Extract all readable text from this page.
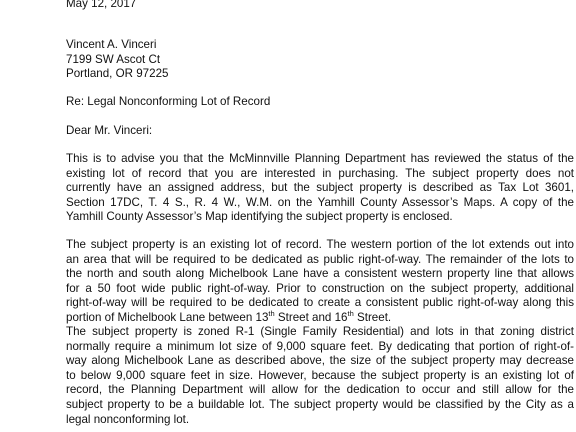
May 12, 2017
Vincent A. Vinceri
7199 SW Ascot Ct
Portland, OR 97225
Re: Legal Nonconforming Lot of Record
Dear Mr. Vinceri:
This is to advise you that the McMinnville Planning Department has reviewed the status of the
existing lot of record that you are interested in purchasing. The subject property does not
currently have an assigned address, but the subject property is described as Tax Lot 3601,
Section 17DC, T. 4 S., R. 4 W., W.M. on the Yamhill County Assessor’s Maps. A copy of the
Yamhill County Assessor’s Map identifying the subject property is enclosed.
The subject property is an existing lot of record. The western portion of the lot extends out into
an area that will be required to be dedicated as public right-of-way. The remainder of the lots to
the north and south along Michelbook Lane have a consistent western property line that allows
for a 50 foot wide public right-of-way. Prior to construction on the subject property, additional
right-of-way will be required to be dedicated to create a consistent public right-of-way along this
portion of Michelbook Lane between 13th Street and 16th Street.
The subject property is zoned R-1 (Single Family Residential) and lots in that zoning district
normally require a minimum lot size of 9,000 square feet. By dedicating that portion of right-of-
way along Michelbook Lane as described above, the size of the subject property may decrease
to below 9,000 square feet in size. However, because the subject property is an existing lot of
record, the Planning Department will allow for the dedication to occur and still allow for the
subject property to be a buildable lot. The subject property would be classified by the City as a
legal nonconforming lot.
